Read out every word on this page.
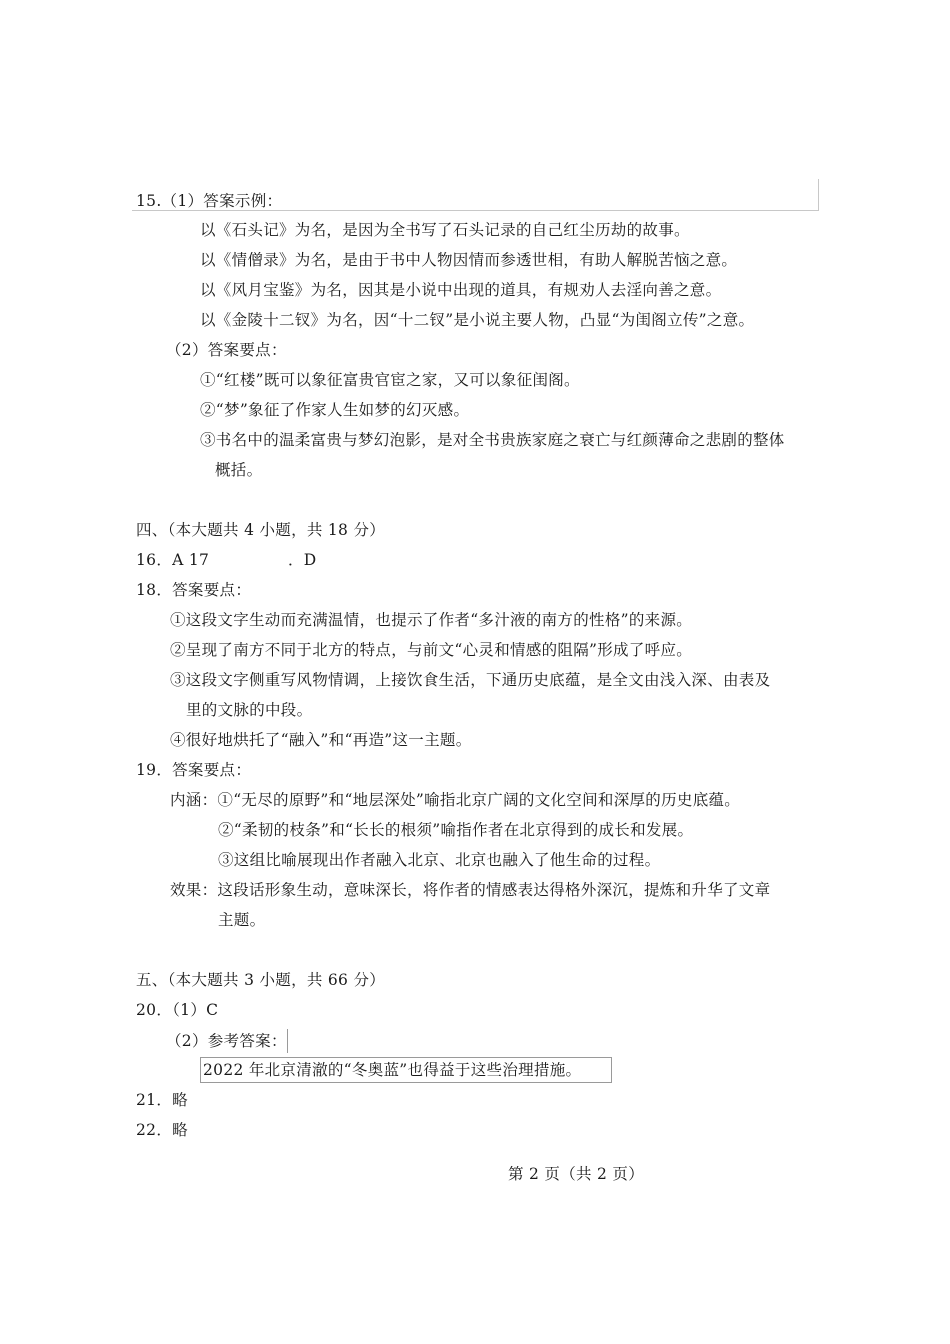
15.（1）答案示例：
以《石头记》为名，是因为全书写了石头记录的自己红尘历劫的故事。
以《情僧录》为名，是由于书中人物因情而参透世相，有助人解脱苦恼之意。
以《风月宝鉴》为名，因其是小说中出现的道具，有规劝人去淫向善之意。
以《金陵十二钗》为名，因“十二钗”是小说主要人物，凸显“为闺阁立传”之意。
（2）答案要点：
①“红楼”既可以象征富贵官宦之家，又可以象征闺阁。
②“梦”象征了作家人生如梦的幻灭感。
③书名中的温柔富贵与梦幻泡影，是对全书贵族家庭之衰亡与红颜薄命之悲剧的整体
概括。
四、（本大题共 4 小题，共 18 分）
16．A 17	．D
18．答案要点：
①这段文字生动而充满温情，也提示了作者“多汁液的南方的性格”的来源。
②呈现了南方不同于北方的特点，与前文“心灵和情感的阻隔”形成了呼应。
③这段文字侧重写风物情调，上接饮食生活，下通历史底蕴，是全文由浅入深、由表及
里的文脉的中段。
④很好地烘托了“融入”和“再造”这一主题。
19．答案要点：
内涵：①“无尽的原野”和“地层深处”喻指北京广阔的文化空间和深厚的历史底蕴。
②“柔韧的枝条”和“长长的根须”喻指作者在北京得到的成长和发展。
③这组比喻展现出作者融入北京、北京也融入了他生命的过程。
效果：这段话形象生动，意味深长，将作者的情感表达得格外深沉，提炼和升华了文章
主题。
五、（本大题共 3 小题，共 66 分）
20．（1）C
（2）参考答案：
2022 年北京清澈的“冬奥蓝”也得益于这些治理措施。
21．略
22．略
第 2 页（共 2 页）
